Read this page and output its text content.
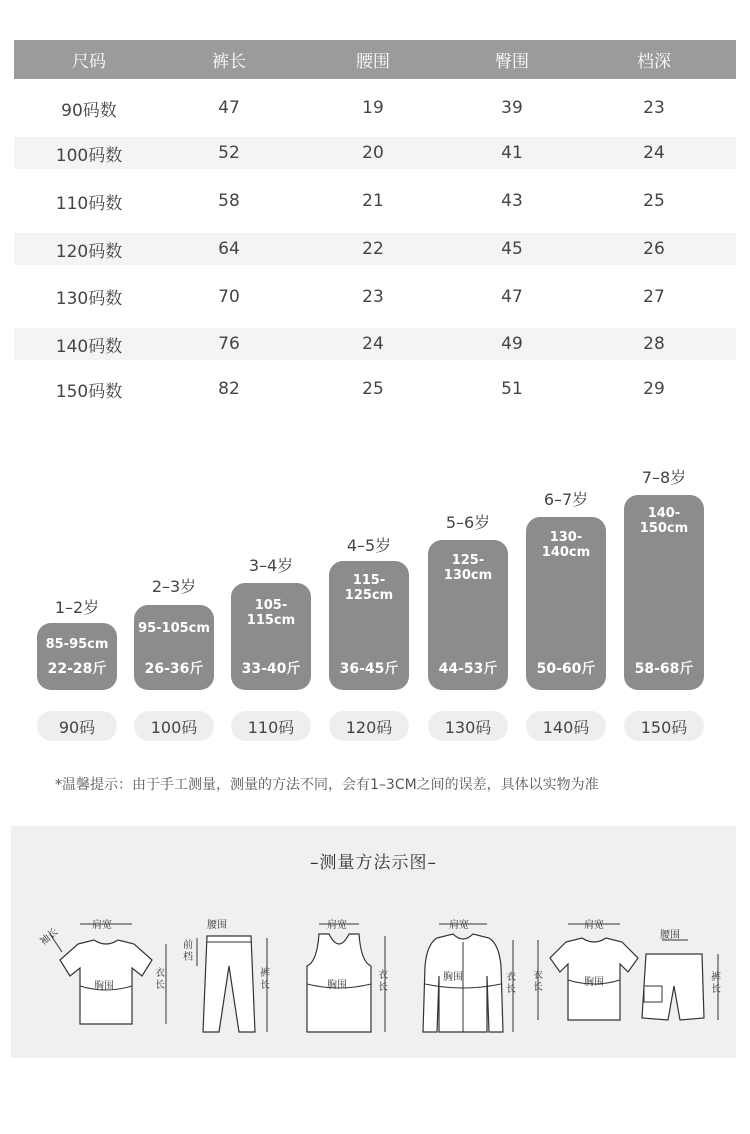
尺码	裤长	腰围	臀围	档深
90码数	47	19	39	23
100码数	52	20	41	24
110码数	58	21	43	25
120码数	64	22	45	26
130码数	70	23	47	27
140码数	76	24	49	28
150码数	82	25	51	29
1–2岁
85-95cm
22-28斤
2–3岁
95-105cm
26-36斤
3–4岁
105-115cm
33-40斤
4–5岁
115-125cm
36-45斤
5–6岁
125-130cm
44-53斤
6–7岁
130-140cm
50-60斤
7–8岁
140-150cm
58-68斤
90码	100码	110码	120码	130码	140码	150码
*温馨提示：由于手工测量，测量的方法不同，会有1–3CM之间的误差，具体以实物为准
–测量方法示图–
肩宽
袖长
胸围
衣长
腰围
前档
裤长
肩宽
胸围
衣长
肩宽
胸围	衣长
肩宽
胸围
衣长
腰围
裤长
